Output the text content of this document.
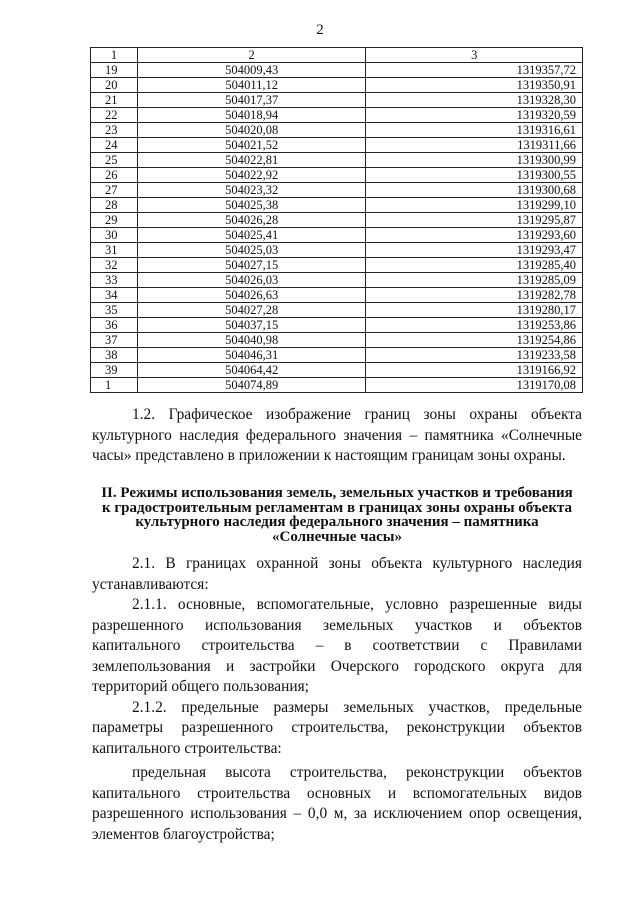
2
1	2	3
19	504009,43	1319357,72
20	504011,12	1319350,91
21	504017,37	1319328,30
22	504018,94	1319320,59
23	504020,08	1319316,61
24	504021,52	1319311,66
25	504022,81	1319300,99
26	504022,92	1319300,55
27	504023,32	1319300,68
28	504025,38	1319299,10
29	504026,28	1319295,87
30	504025,41	1319293,60
31	504025,03	1319293,47
32	504027,15	1319285,40
33	504026,03	1319285,09
34	504026,63	1319282,78
35	504027,28	1319280,17
36	504037,15	1319253,86
37	504040,98	1319254,86
38	504046,31	1319233,58
39	504064,42	1319166,92
1	504074,89	1319170,08

1.2. Графическое изображение границ зоны охраны объекта культурного наследия федерального значения – памятника «Солнечные часы» представлено в приложении к настоящим границам зоны охраны.

II. Режимы использования земель, земельных участков и требования
к градостроительным регламентам в границах зоны охраны объекта
культурного наследия федерального значения – памятника
«Солнечные часы»

2.1. В границах охранной зоны объекта культурного наследия устанавливаются:

2.1.1. основные, вспомогательные, условно разрешенные виды разрешенного использования земельных участков и объектов капитального строительства – в соответствии с Правилами землепользования и застройки Очерского городского округа для территорий общего пользования;

2.1.2. предельные размеры земельных участков, предельные параметры разрешенного строительства, реконструкции объектов капитального строительства:

предельная высота строительства, реконструкции объектов капитального строительства основных и вспомогательных видов разрешенного использования – 0,0 м, за исключением опор освещения, элементов благоустройства;
